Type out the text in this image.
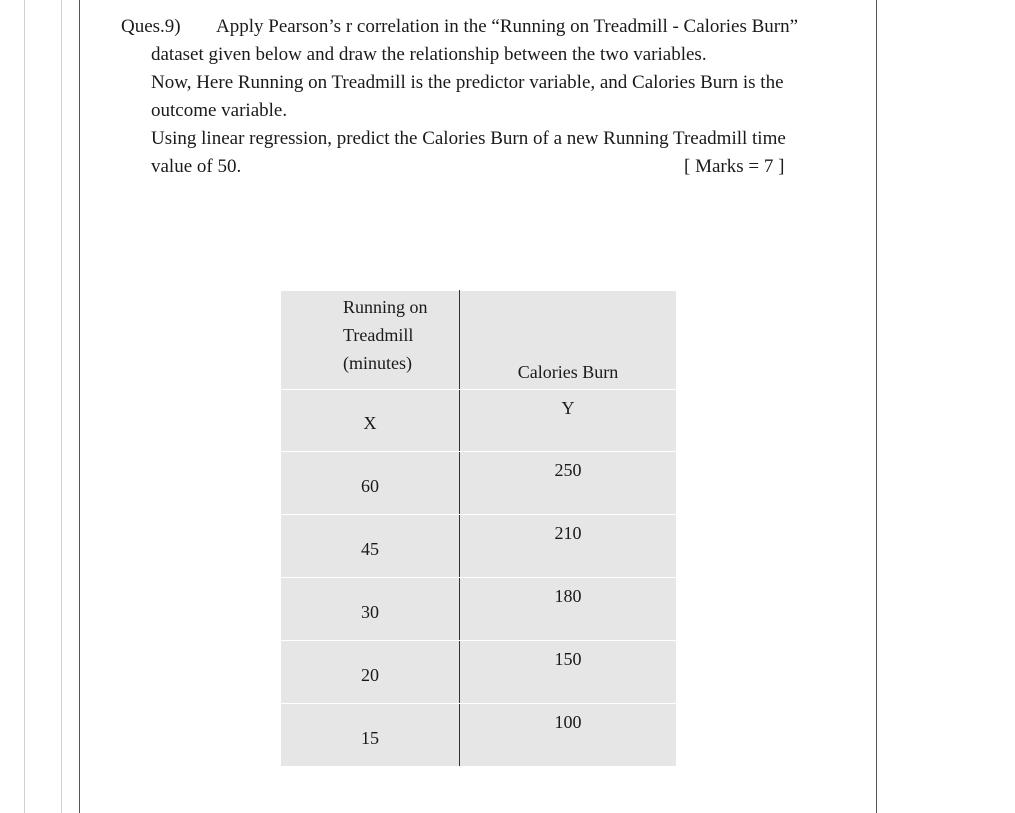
Ques.9) Apply Pearson’s r correlation in the “Running on Treadmill - Calories Burn”
dataset given below and draw the relationship between the two variables.
Now, Here Running on Treadmill is the predictor variable, and Calories Burn is the
outcome variable.
Using linear regression, predict the Calories Burn of a new Running Treadmill time
value of 50.	[ Marks = 7 ]
Running on
Treadmill
(minutes)	Calories Burn
X	Y
60	250
45	210
30	180
20	150
15	100
